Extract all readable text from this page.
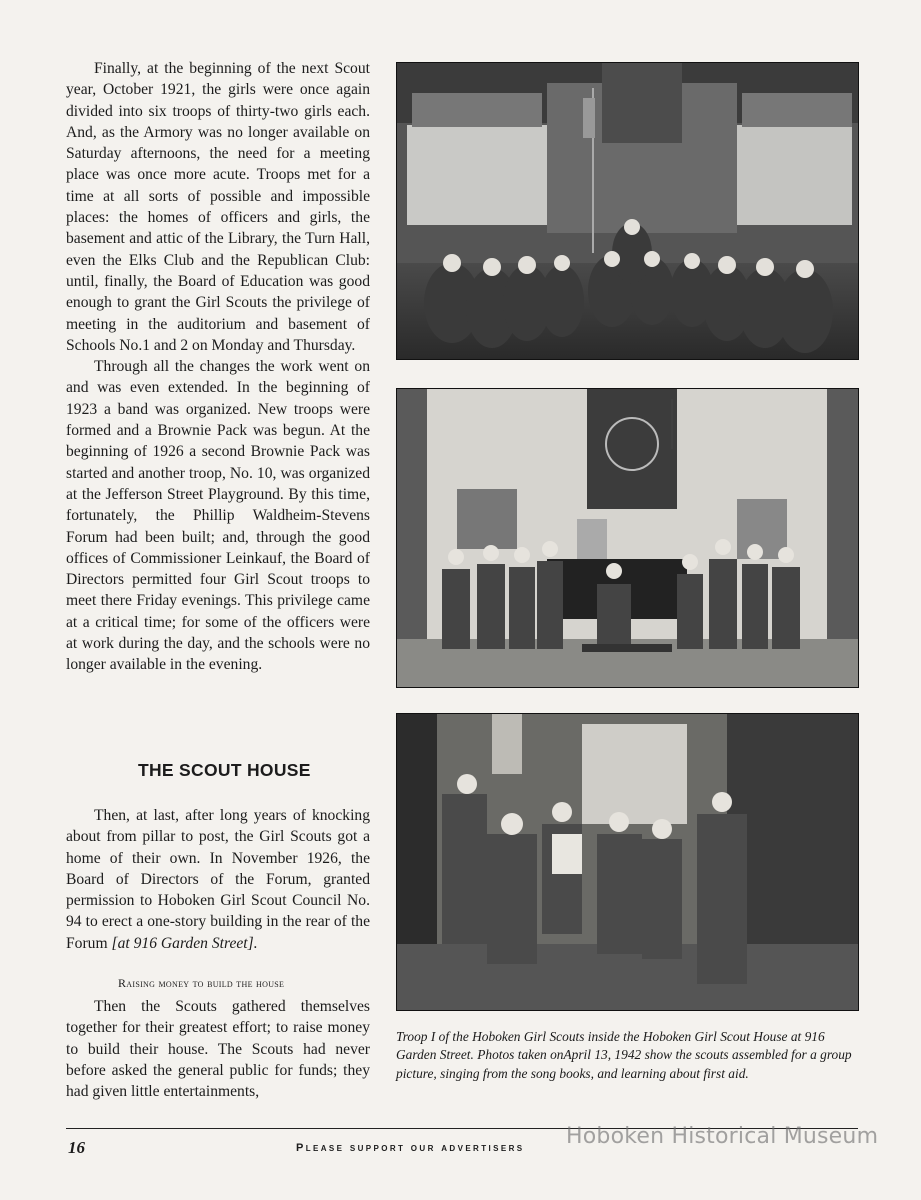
Finally, at the beginning of the next Scout year, October 1921, the girls were once again divided into six troops of thirty-two girls each. And, as the Armory was no longer available on Saturday afternoons, the need for a meeting place was once more acute. Troops met for a time at all sorts of possible and impossible places: the homes of officers and girls, the basement and attic of the Library, the Turn Hall, even the Elks Club and the Republican Club: until, finally, the Board of Education was good enough to grant the Girl Scouts the privilege of meeting in the auditorium and basement of Schools No.1 and 2 on Monday and Thursday.

Through all the changes the work went on and was even extended. In the beginning of 1923 a band was organized. New troops were formed and a Brownie Pack was begun. At the beginning of 1926 a second Brownie Pack was started and another troop, No. 10, was organized at the Jefferson Street Playground. By this time, fortunately, the Phillip Waldheim-Stevens Forum had been built; and, through the good offices of Commissioner Leinkauf, the Board of Directors permitted four Girl Scout troops to meet there Friday evenings. This privilege came at a critical time; for some of the officers were at work during the day, and the schools were no longer available in the evening.

THE SCOUT HOUSE

Then, at last, after long years of knocking about from pillar to post, the Girl Scouts got a home of their own. In November 1926, the Board of Directors of the Forum, granted permission to Hoboken Girl Scout Council No. 94 to erect a one-story building in the rear of the Forum [at 916 Garden Street].

Raising money to build the house

Then the Scouts gathered themselves together for their greatest effort; to raise money to build their house. The Scouts had never before asked the general public for funds; they had given little entertainments,

Troop I of the Hoboken Girl Scouts inside the Hoboken Girl Scout House at 916 Garden Street. Photos taken onApril 13, 1942 show the scouts assembled for a group picture, singing from the song books, and learning about first aid.
16	Please support our advertisers Hoboken Historical Museum
